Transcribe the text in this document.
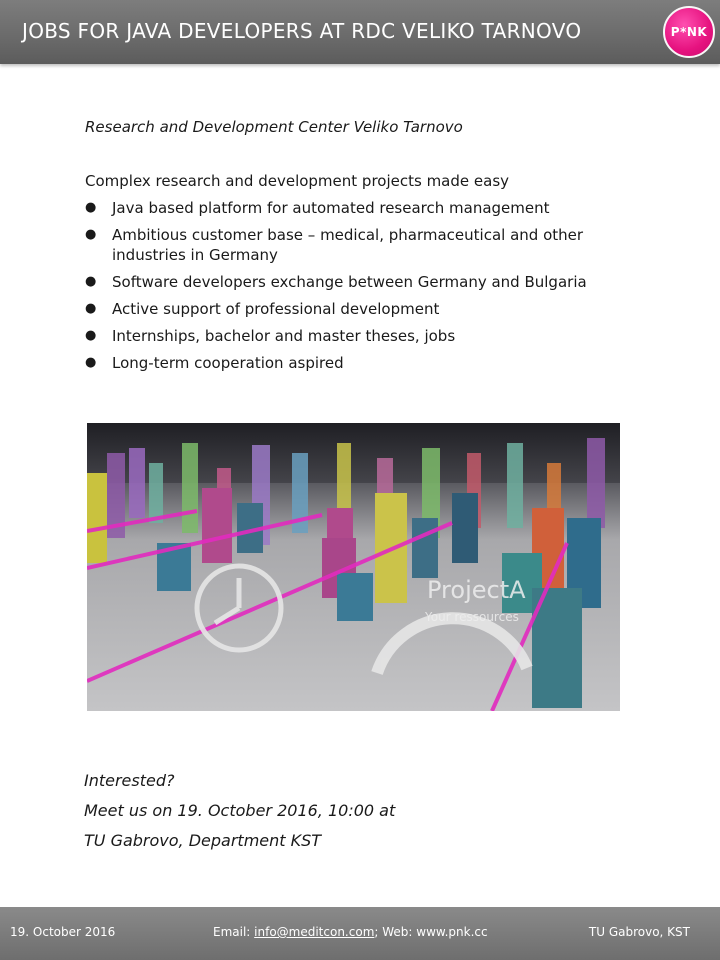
JOBS FOR JAVA DEVELOPERS AT RDC VELIKO TARNOVO	P*NK
Research and Development Center Veliko Tarnovo
Complex research and development projects made easy
● Java based platform for automated research management
● Ambitious customer base – medical, pharmaceutical and other industries in Germany
● Software developers exchange between Germany and Bulgaria
● Active support of professional development
● Internships, bachelor and master theses, jobs
● Long-term cooperation aspired
ProjectA
Your ressources
Interested?
Meet us on 19. October 2016, 10:00 at
TU Gabrovo, Department KST
19. October 2016	Email: info@meditcon.com; Web: www.pnk.cc	TU Gabrovo, KST
